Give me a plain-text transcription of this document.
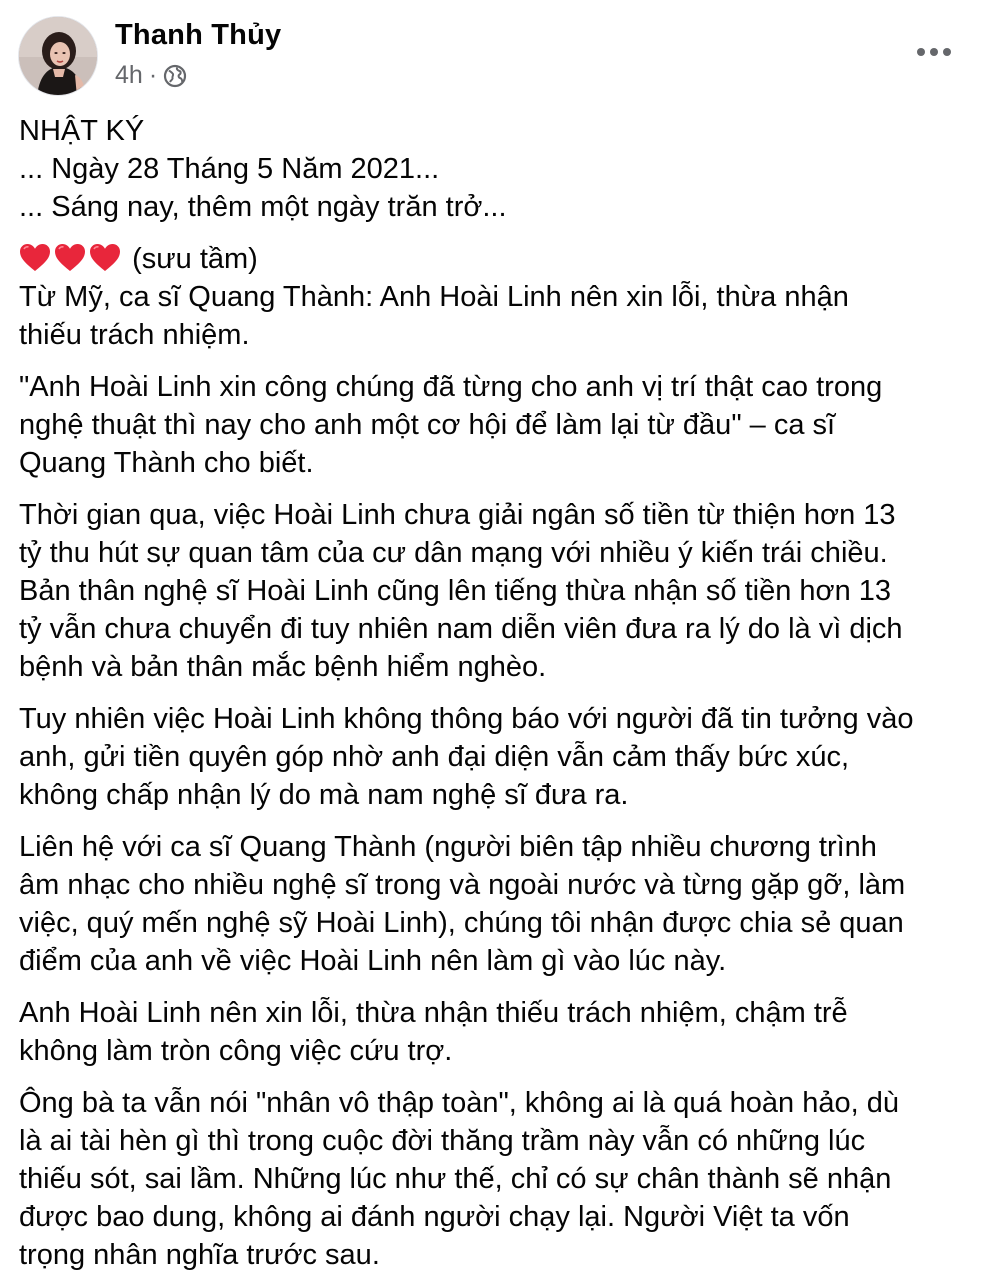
Thanh Thủy
4h ·
NHẬT KÝ
... Ngày 28 Tháng 5 Năm 2021...
... Sáng nay, thêm một ngày trăn trở...
(sưu tầm)

Từ Mỹ, ca sĩ Quang Thành: Anh Hoài Linh nên xin lỗi, thừa nhận
thiếu trách nhiệm.

"Anh Hoài Linh xin công chúng đã từng cho anh vị trí thật cao trong
nghệ thuật thì nay cho anh một cơ hội để làm lại từ đầu" – ca sĩ
Quang Thành cho biết.

Thời gian qua, việc Hoài Linh chưa giải ngân số tiền từ thiện hơn 13
tỷ thu hút sự quan tâm của cư dân mạng với nhiều ý kiến trái chiều.
Bản thân nghệ sĩ Hoài Linh cũng lên tiếng thừa nhận số tiền hơn 13
tỷ vẫn chưa chuyển đi tuy nhiên nam diễn viên đưa ra lý do là vì dịch
bệnh và bản thân mắc bệnh hiểm nghèo.

Tuy nhiên việc Hoài Linh không thông báo với người đã tin tưởng vào
anh, gửi tiền quyên góp nhờ anh đại diện vẫn cảm thấy bức xúc,
không chấp nhận lý do mà nam nghệ sĩ đưa ra.

Liên hệ với ca sĩ Quang Thành (người biên tập nhiều chương trình
âm nhạc cho nhiều nghệ sĩ trong và ngoài nước và từng gặp gỡ, làm
việc, quý mến nghệ sỹ Hoài Linh), chúng tôi nhận được chia sẻ quan
điểm của anh về việc Hoài Linh nên làm gì vào lúc này.

Anh Hoài Linh nên xin lỗi, thừa nhận thiếu trách nhiệm, chậm trễ
không làm tròn công việc cứu trợ.

Ông bà ta vẫn nói "nhân vô thập toàn", không ai là quá hoàn hảo, dù
là ai tài hèn gì thì trong cuộc đời thăng trầm này vẫn có những lúc
thiếu sót, sai lầm. Những lúc như thế, chỉ có sự chân thành sẽ nhận
được bao dung, không ai đánh người chạy lại. Người Việt ta vốn
trọng nhân nghĩa trước sau.
